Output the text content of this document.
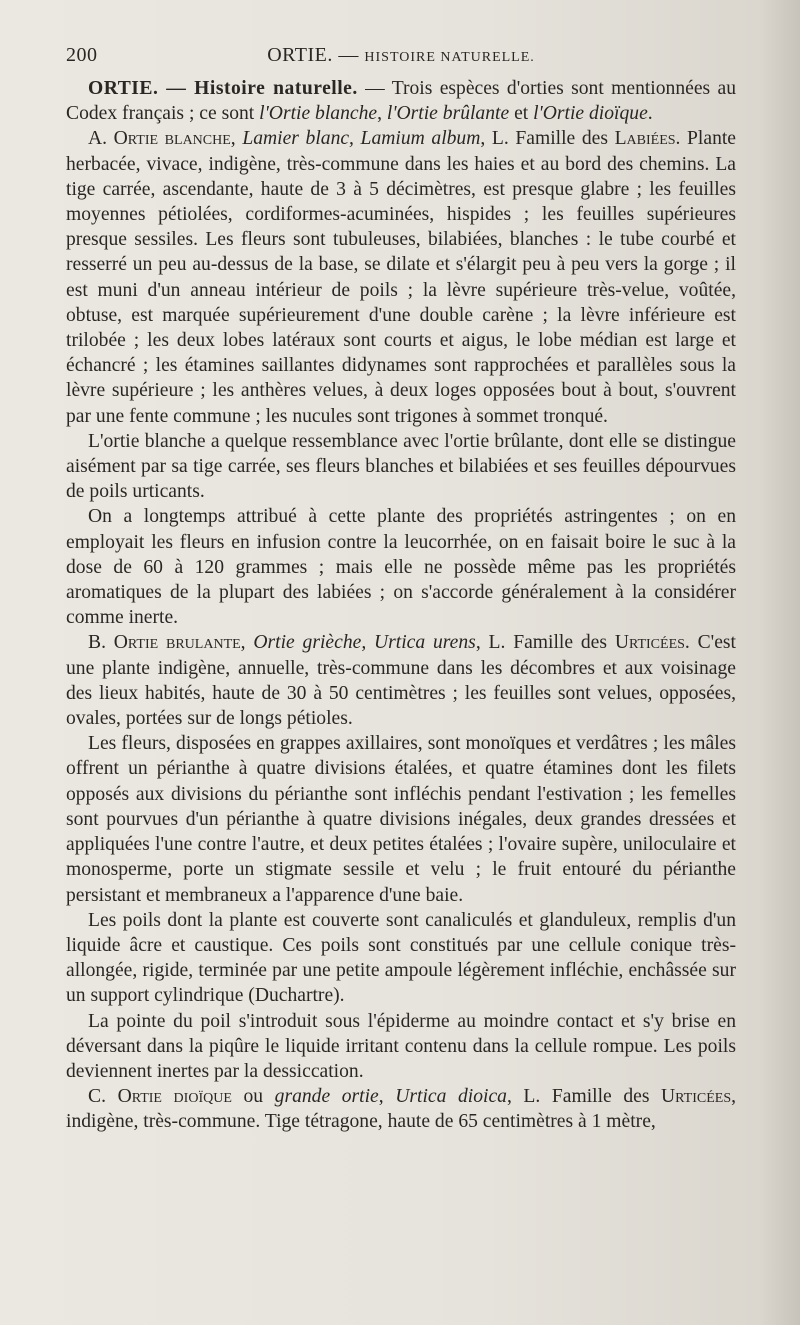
200	ORTIE. — HISTOIRE NATURELLE.

ORTIE. — Histoire naturelle. — Trois espèces d'orties sont mentionnées au Codex français ; ce sont l'Ortie blanche, l'Ortie brûlante et l'Ortie dioïque.

A. Ortie blanche, Lamier blanc, Lamium album, L. Famille des Labiées. Plante herbacée, vivace, indigène, très-commune dans les haies et au bord des chemins. La tige carrée, ascendante, haute de 3 à 5 décimètres, est presque glabre ; les feuilles moyennes pétiolées, cordiformes-acuminées, hispides ; les feuilles supérieures presque sessiles. Les fleurs sont tubuleuses, bilabiées, blanches : le tube courbé et resserré un peu au-dessus de la base, se dilate et s'élargit peu à peu vers la gorge ; il est muni d'un anneau intérieur de poils ; la lèvre supérieure très-velue, voûtée, obtuse, est marquée supérieurement d'une double carène ; la lèvre inférieure est trilobée ; les deux lobes latéraux sont courts et aigus, le lobe médian est large et échancré ; les étamines saillantes didynames sont rapprochées et parallèles sous la lèvre supérieure ; les anthères velues, à deux loges opposées bout à bout, s'ouvrent par une fente commune ; les nucules sont trigones à sommet tronqué.

L'ortie blanche a quelque ressemblance avec l'ortie brûlante, dont elle se distingue aisément par sa tige carrée, ses fleurs blanches et bilabiées et ses feuilles dépourvues de poils urticants.

On a longtemps attribué à cette plante des propriétés astringentes ; on en employait les fleurs en infusion contre la leucorrhée, on en faisait boire le suc à la dose de 60 à 120 grammes ; mais elle ne possède même pas les propriétés aromatiques de la plupart des labiées ; on s'accorde généralement à la considérer comme inerte.

B. Ortie brulante, Ortie grièche, Urtica urens, L. Famille des Urticées. C'est une plante indigène, annuelle, très-commune dans les décombres et aux voisinage des lieux habités, haute de 30 à 50 centimètres ; les feuilles sont velues, opposées, ovales, portées sur de longs pétioles.

Les fleurs, disposées en grappes axillaires, sont monoïques et verdâtres ; les mâles offrent un périanthe à quatre divisions étalées, et quatre étamines dont les filets opposés aux divisions du périanthe sont infléchis pendant l'estivation ; les femelles sont pourvues d'un périanthe à quatre divisions inégales, deux grandes dressées et appliquées l'une contre l'autre, et deux petites étalées ; l'ovaire supère, uniloculaire et monosperme, porte un stigmate sessile et velu ; le fruit entouré du périanthe persistant et membraneux a l'apparence d'une baie.

Les poils dont la plante est couverte sont canaliculés et glanduleux, remplis d'un liquide âcre et caustique. Ces poils sont constitués par une cellule conique très-allongée, rigide, terminée par une petite ampoule légèrement infléchie, enchâssée sur un support cylindrique (Duchartre).

La pointe du poil s'introduit sous l'épiderme au moindre contact et s'y brise en déversant dans la piqûre le liquide irritant contenu dans la cellule rompue. Les poils deviennent inertes par la dessiccation.

C. Ortie dioïque ou grande ortie, Urtica dioica, L. Famille des Urticées, indigène, très-commune. Tige tétragone, haute de 65 centimètres à 1 mètre,
